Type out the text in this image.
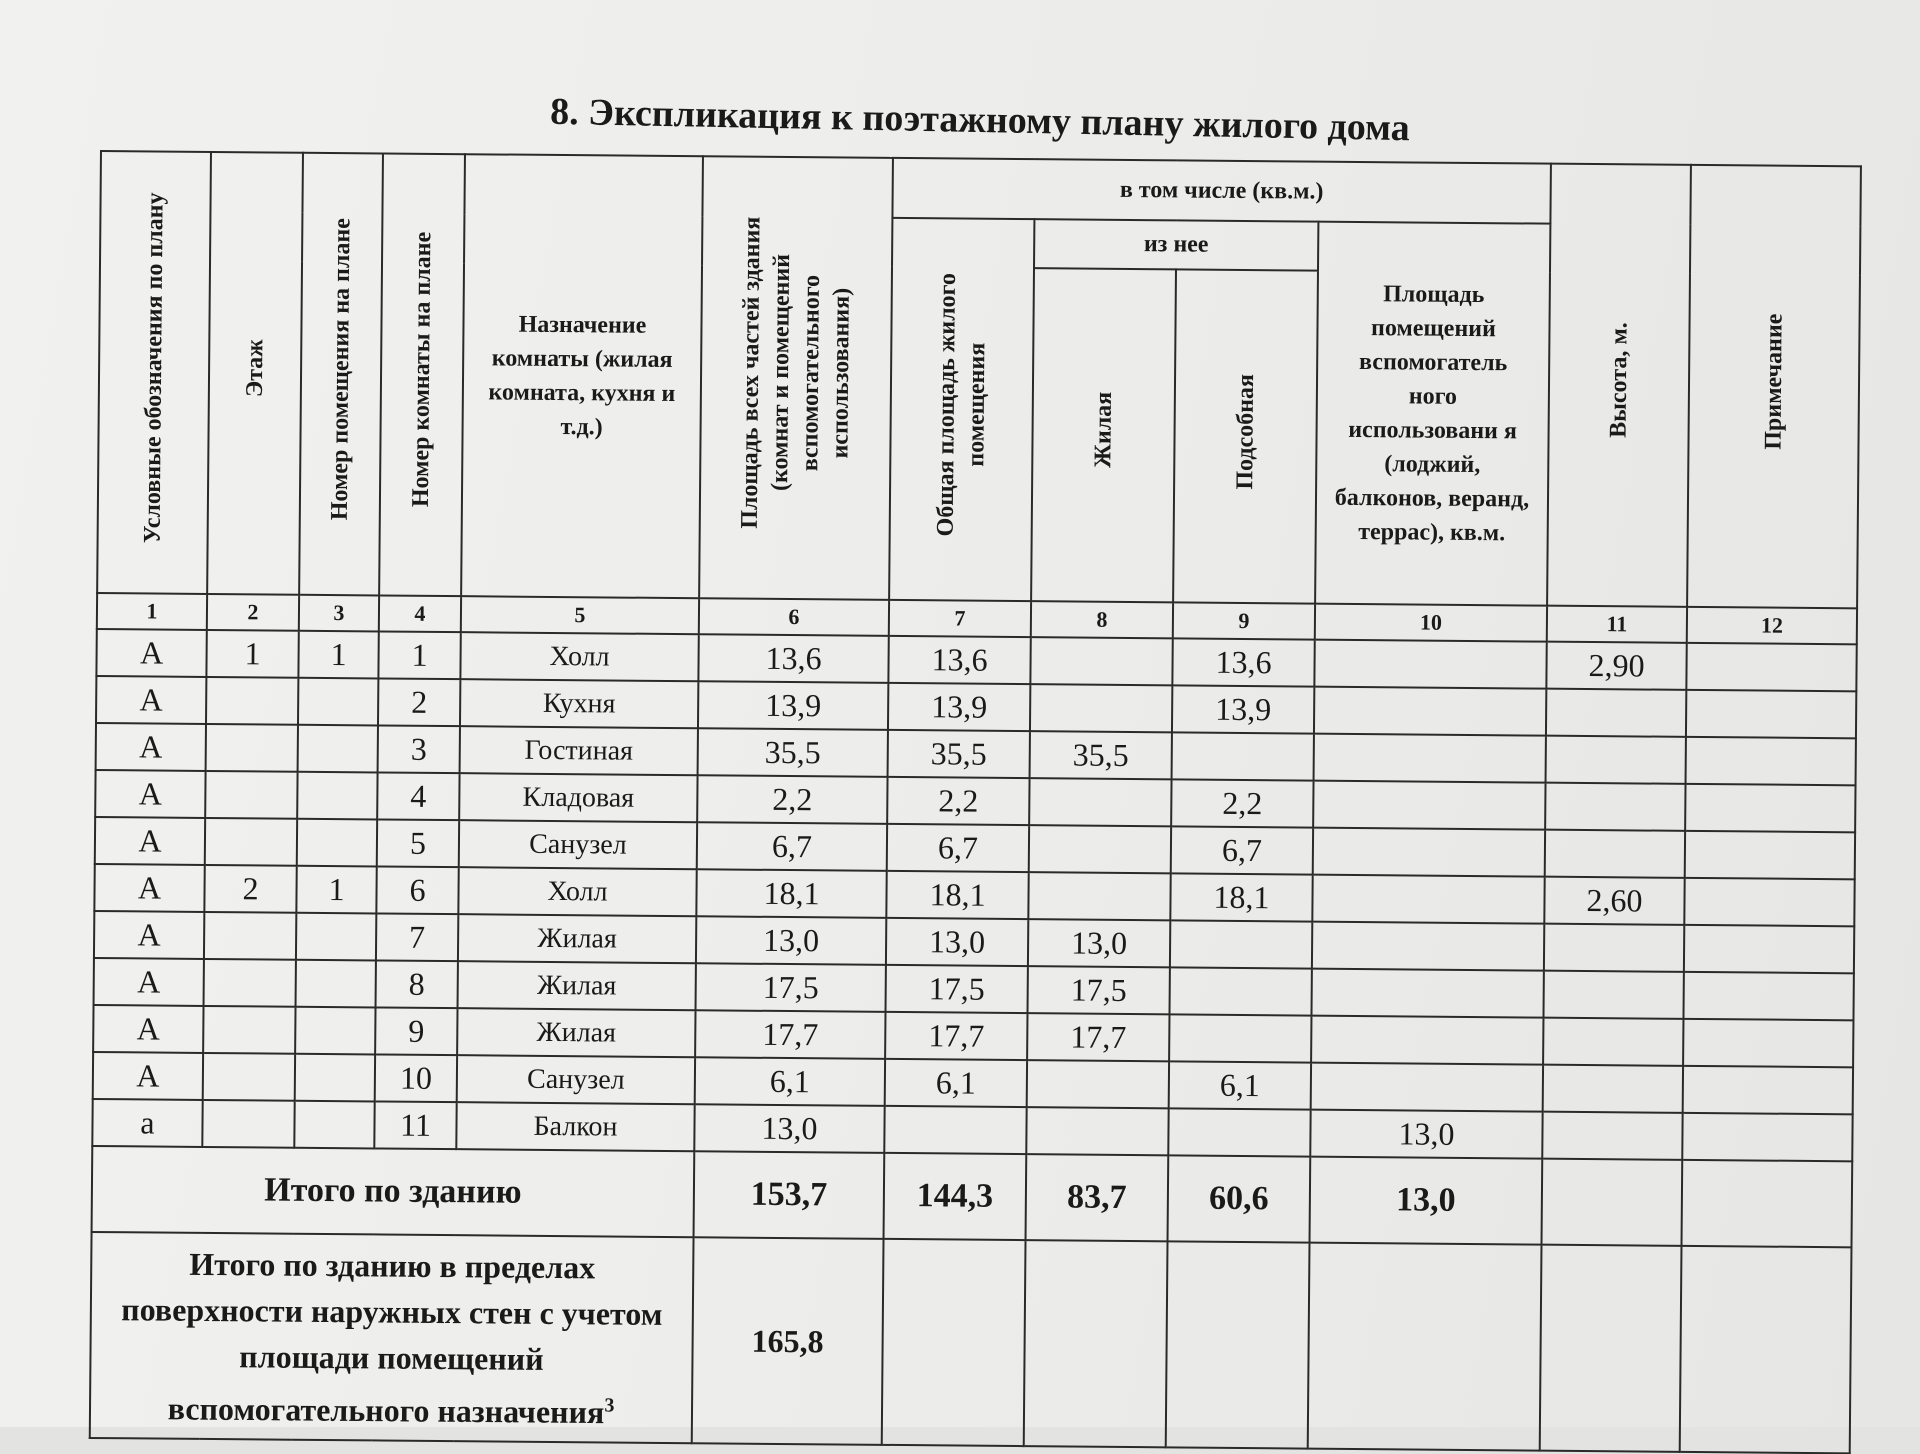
8. Экспликация к поэтажному плану жилого дома
Условные обозначения по плану	Этаж	Номер помещения на плане	Номер комнаты на плане	Назначение комнаты (жилая комната, кухня и т.д.)	Площадь всех частей здания (комнат и помещений вспомогательного использования)	в том числе (кв.м.)				Высота, м.	Примечание
						Общая площадь жилого помещения	из нее		Площадь помещений вспомогатель ного использовани я (лоджий, балконов, веранд, террас), кв.м.		
							Жилая	Подсобная			
1	2	3	4	5	6	7	8	9	10	11	12
А	1	1	1	Холл	13,6	13,6		13,6		2,90	
А			2	Кухня	13,9	13,9		13,9			
А			3	Гостиная	35,5	35,5	35,5				
А			4	Кладовая	2,2	2,2		2,2			
А			5	Санузел	6,7	6,7		6,7			
А	2	1	6	Холл	18,1	18,1		18,1		2,60	
А			7	Жилая	13,0	13,0	13,0				
А			8	Жилая	17,5	17,5	17,5				
А			9	Жилая	17,7	17,7	17,7				
А			10	Санузел	6,1	6,1		6,1			
а			11	Балкон	13,0				13,0		
Итого по зданию					153,7	144,3	83,7	60,6	13,0		
Итого по зданию в пределах поверхности наружных стен с учетом площади помещений вспомогательного назначения$^3$					165,8						
